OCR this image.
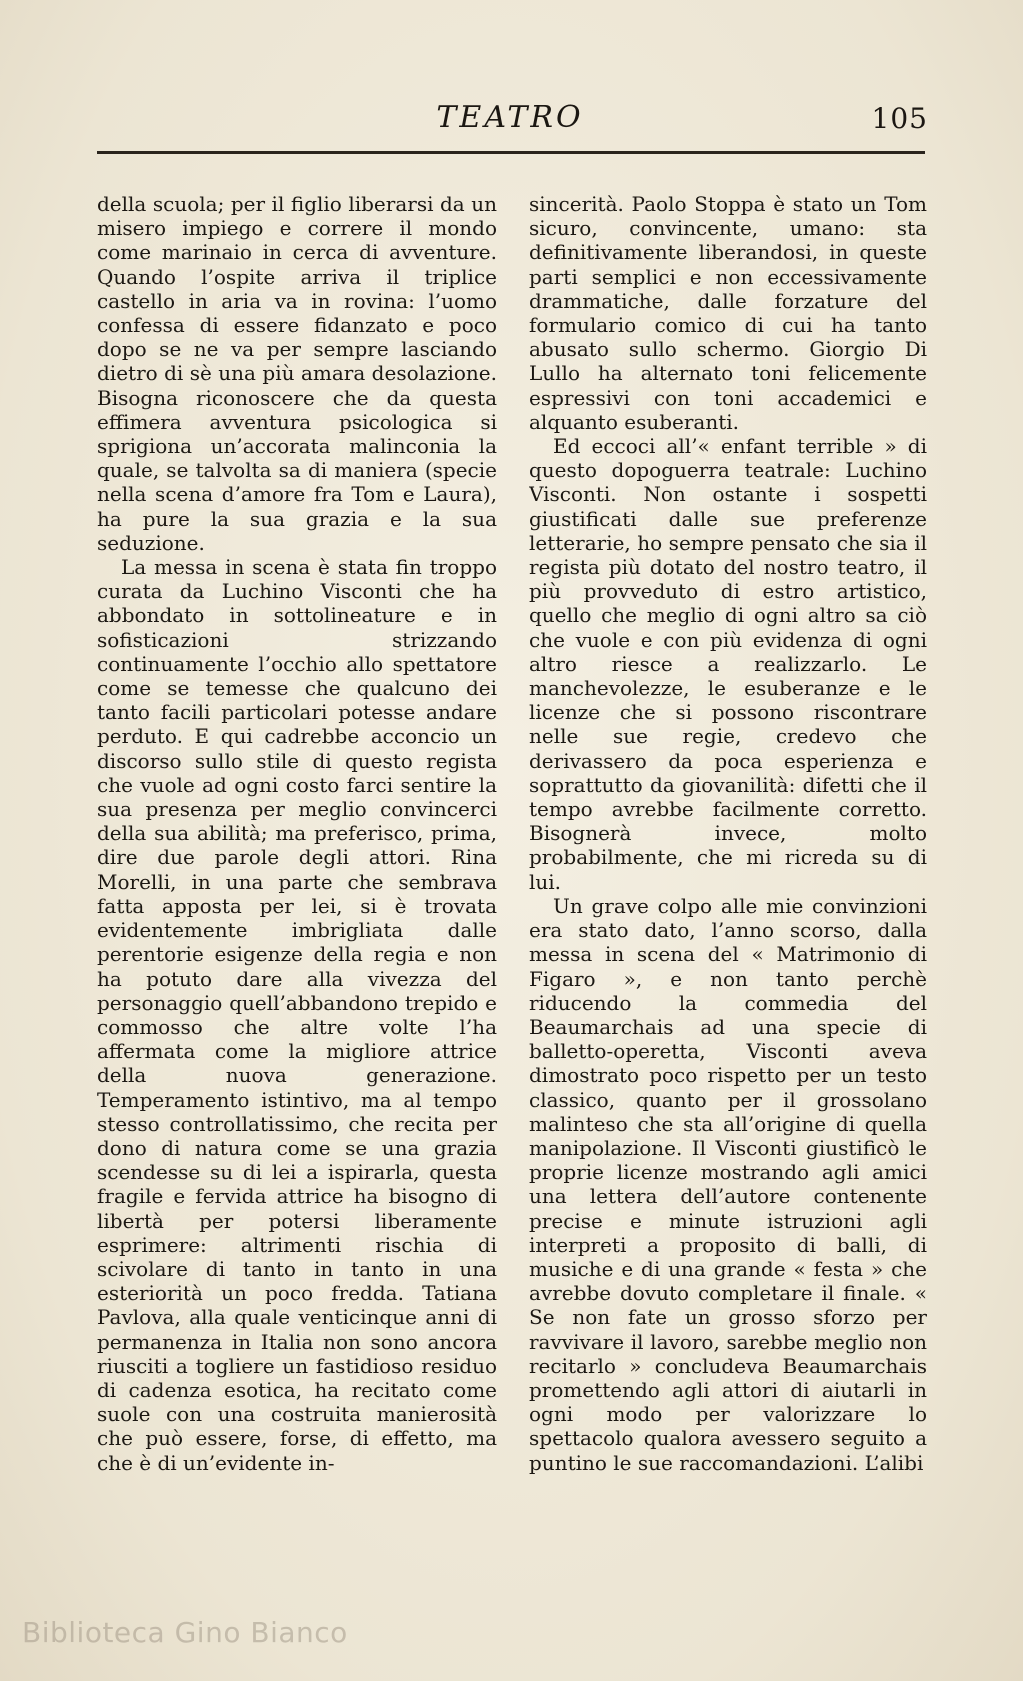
TEATRO	105

della scuola; per il figlio liberarsi da un misero impiego e correre il mondo come marinaio in cerca di avventure. Quando l’ospite arriva il triplice castello in aria va in rovina: l’uomo confessa di essere fidanzato e poco dopo se ne va per sempre lasciando dietro di sè una più amara desolazione. Bisogna riconoscere che da questa effimera avventura psicologica si sprigiona un’accorata malinconia la quale, se talvolta sa di maniera (specie nella scena d’amore fra Tom e Laura), ha pure la sua grazia e la sua seduzione.

La messa in scena è stata fin troppo curata da Luchino Visconti che ha abbondato in sottolineature e in sofisticazioni strizzando continuamente l’occhio allo spettatore come se temesse che qualcuno dei tanto facili particolari potesse andare perduto. E qui cadrebbe acconcio un discorso sullo stile di questo regista che vuole ad ogni costo farci sentire la sua presenza per meglio convincerci della sua abilità; ma preferisco, prima, dire due parole degli attori. Rina Morelli, in una parte che sembrava fatta apposta per lei, si è trovata evidentemente imbrigliata dalle perentorie esigenze della regia e non ha potuto dare alla vivezza del personaggio quell’abbandono trepido e commosso che altre volte l’ha affermata come la migliore attrice della nuova generazione. Temperamento istintivo, ma al tempo stesso controllatissimo, che recita per dono di natura come se una grazia scendesse su di lei a ispirarla, questa fragile e fervida attrice ha bisogno di libertà per potersi liberamente esprimere: altrimenti rischia di scivolare di tanto in tanto in una esteriorità un poco fredda. Tatiana Pavlova, alla quale venticinque anni di permanenza in Italia non sono ancora riusciti a togliere un fastidioso residuo di cadenza esotica, ha recitato come suole con una costruita manierosità che può essere, forse, di effetto, ma che è di un’evidente in-

sincerità. Paolo Stoppa è stato un Tom sicuro, convincente, umano: sta definitivamente liberandosi, in queste parti semplici e non eccessivamente drammatiche, dalle forzature del formulario comico di cui ha tanto abusato sullo schermo. Giorgio Di Lullo ha alternato toni felicemente espressivi con toni accademici e alquanto esuberanti.

Ed eccoci all’« enfant terrible » di questo dopoguerra teatrale: Luchino Visconti. Non ostante i sospetti giustificati dalle sue preferenze letterarie, ho sempre pensato che sia il regista più dotato del nostro teatro, il più provveduto di estro artistico, quello che meglio di ogni altro sa ciò che vuole e con più evidenza di ogni altro riesce a realizzarlo. Le manchevolezze, le esuberanze e le licenze che si possono riscontrare nelle sue regie, credevo che derivassero da poca esperienza e soprattutto da giovanilità: difetti che il tempo avrebbe facilmente corretto. Bisognerà invece, molto probabilmente, che mi ricreda su di lui.

Un grave colpo alle mie convinzioni era stato dato, l’anno scorso, dalla messa in scena del « Matrimonio di Figaro », e non tanto perchè riducendo la commedia del Beaumarchais ad una specie di balletto-operetta, Visconti aveva dimostrato poco rispetto per un testo classico, quanto per il grossolano malinteso che sta all’origine di quella manipolazione. Il Visconti giustificò le proprie licenze mostrando agli amici una lettera dell’autore contenente precise e minute istruzioni agli interpreti a proposito di balli, di musiche e di una grande « festa » che avrebbe dovuto completare il finale. « Se non fate un grosso sforzo per ravvivare il lavoro, sarebbe meglio non recitarlo » concludeva Beaumarchais promettendo agli attori di aiutarli in ogni modo per valorizzare lo spettacolo qualora avessero seguito a puntino le sue raccomandazioni. L’alibi

Biblioteca Gino Bianco
